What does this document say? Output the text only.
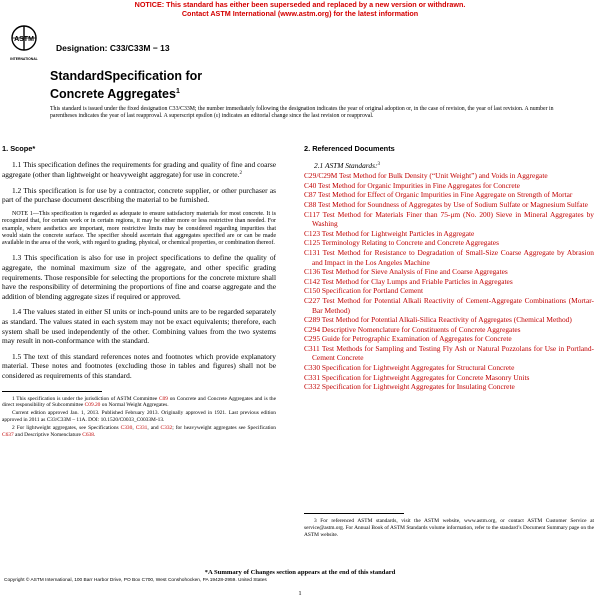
NOTICE: This standard has either been superseded and replaced by a new version or withdrawn.
Contact ASTM International (www.astm.org) for the latest information
ASTM
INTERNATIONAL
Designation: C33/C33M − 13
StandardSpecification for
Concrete Aggregates$^1$
This standard is issued under the fixed designation C33/C33M; the number immediately following the designation indicates the year of original adoption or, in the case of revision, the year of last revision. A number in parentheses indicates the year of last reapproval. A superscript epsilon (ε) indicates an editorial change since the last revision or reapproval.
1. Scope*

1.1 This specification defines the requirements for grading and quality of fine and coarse aggregate (other than lightweight or heavyweight aggregate) for use in concrete.$^2$

1.2 This specification is for use by a contractor, concrete supplier, or other purchaser as part of the purchase document describing the material to be furnished.

NOTE 1—This specification is regarded as adequate to ensure satisfactory materials for most concrete. It is recognized that, for certain work or in certain regions, it may be either more or less restrictive than needed. For example, where aesthetics are important, more restrictive limits may be considered regarding impurities that would stain the concrete surface. The specifier should ascertain that aggregates specified are or can be made available in the area of the work, with regard to grading, physical, or chemical properties, or combination thereof.

1.3 This specification is also for use in project specifications to define the quality of aggregate, the nominal maximum size of the aggregate, and other specific grading requirements. Those responsible for selecting the proportions for the concrete mixture shall have the responsibility of determining the proportions of fine and coarse aggregate and the addition of blending aggregate sizes if required or approved.

1.4 The values stated in either SI units or inch-pound units are to be regarded separately as standard. The values stated in each system may not be exact equivalents; therefore, each system shall be used independently of the other. Combining values from the two systems may result in non-conformance with the standard.

1.5 The text of this standard references notes and footnotes which provide explanatory material. These notes and footnotes (excluding those in tables and figures) shall not be considered as requirements of this standard.

1 This specification is under the jurisdiction of ASTM Committee C09 on Concrete and Concrete Aggregates and is the direct responsibility of Subcommittee C09.20 on Normal Weight Aggregates.

Current edition approved Jan. 1, 2013. Published February 2013. Originally approved in 1921. Last previous edition approved in 2011 as C33/C33M – 11A. DOI: 10.1520/C0033_C0033M-13.

2 For lightweight aggregates, see Specifications C330, C331, and C332; for heavyweight aggregates see Specification C637 and Descriptive Nomenclature C638.

2. Referenced Documents

2.1 ASTM Standards:$^3$

C29/C29M Test Method for Bulk Density (“Unit Weight”) and Voids in Aggregate

C40 Test Method for Organic Impurities in Fine Aggregates for Concrete

C87 Test Method for Effect of Organic Impurities in Fine Aggregate on Strength of Mortar

C88 Test Method for Soundness of Aggregates by Use of Sodium Sulfate or Magnesium Sulfate

C117 Test Method for Materials Finer than 75-μm (No. 200) Sieve in Mineral Aggregates by Washing

C123 Test Method for Lightweight Particles in Aggregate

C125 Terminology Relating to Concrete and Concrete Aggregates

C131 Test Method for Resistance to Degradation of Small-Size Coarse Aggregate by Abrasion and Impact in the Los Angeles Machine

C136 Test Method for Sieve Analysis of Fine and Coarse Aggregates

C142 Test Method for Clay Lumps and Friable Particles in Aggregates

C150 Specification for Portland Cement

C227 Test Method for Potential Alkali Reactivity of Cement-Aggregate Combinations (Mortar-Bar Method)

C289 Test Method for Potential Alkali-Silica Reactivity of Aggregates (Chemical Method)

C294 Descriptive Nomenclature for Constituents of Concrete Aggregates

C295 Guide for Petrographic Examination of Aggregates for Concrete

C311 Test Methods for Sampling and Testing Fly Ash or Natural Pozzolans for Use in Portland-Cement Concrete

C330 Specification for Lightweight Aggregates for Structural Concrete

C331 Specification for Lightweight Aggregates for Concrete Masonry Units

C332 Specification for Lightweight Aggregates for Insulating Concrete

3 For referenced ASTM standards, visit the ASTM website, www.astm.org, or contact ASTM Customer Service at service@astm.org. For Annual Book of ASTM Standards volume information, refer to the standard’s Document Summary page on the ASTM website.

*A Summary of Changes section appears at the end of this standard
Copyright © ASTM International, 100 Barr Harbor Drive, PO Box C700, West Conshohocken, PA 19428-2959. United States
1
